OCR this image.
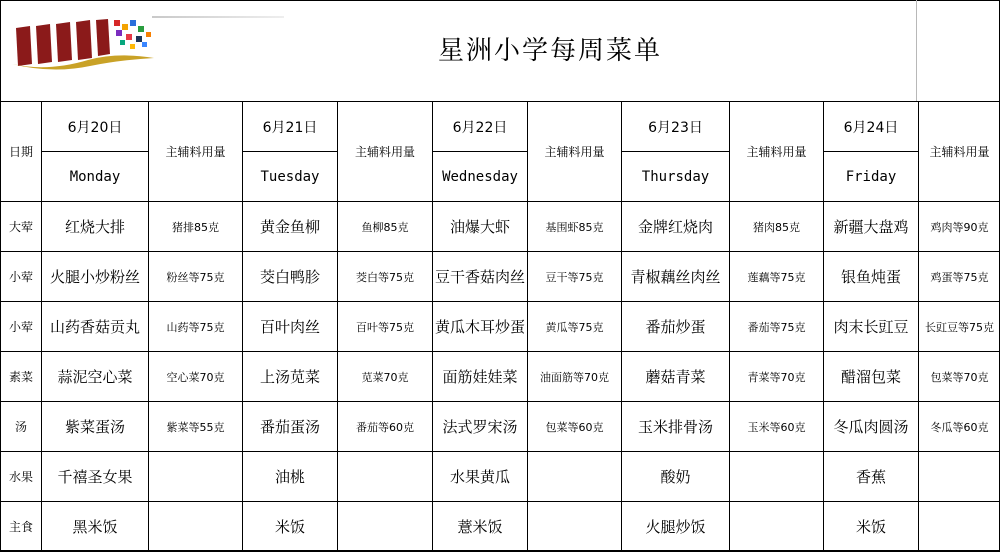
星洲小学每周菜单
日期	6月20日	主辅料用量	6月21日	主辅料用量	6月22日	主辅料用量	6月23日	主辅料用量	6月24日	主辅料用量
	Monday		Tuesday		Wednesday		Thursday		Friday	
大荤	红烧大排	猪排85克	黄金鱼柳	鱼柳85克	油爆大虾	基围虾85克	金牌红烧肉	猪肉85克	新疆大盘鸡	鸡肉等90克
小荤	火腿小炒粉丝	粉丝等75克	茭白鸭胗	茭白等75克	豆干香菇肉丝	豆干等75克	青椒藕丝肉丝	莲藕等75克	银鱼炖蛋	鸡蛋等75克
小荤	山药香菇贡丸	山药等75克	百叶肉丝	百叶等75克	黄瓜木耳炒蛋	黄瓜等75克	番茄炒蛋	番茄等75克	肉末长豇豆	长豇豆等75克
素菜	蒜泥空心菜	空心菜70克	上汤苋菜	苋菜70克	面筋娃娃菜	油面筋等70克	蘑菇青菜	青菜等70克	醋溜包菜	包菜等70克
汤	紫菜蛋汤	紫菜等55克	番茄蛋汤	番茄等60克	法式罗宋汤	包菜等60克	玉米排骨汤	玉米等60克	冬瓜肉圆汤	冬瓜等60克
水果	千禧圣女果		油桃		水果黄瓜		酸奶		香蕉	
主食	黑米饭		米饭		薏米饭		火腿炒饭		米饭	
